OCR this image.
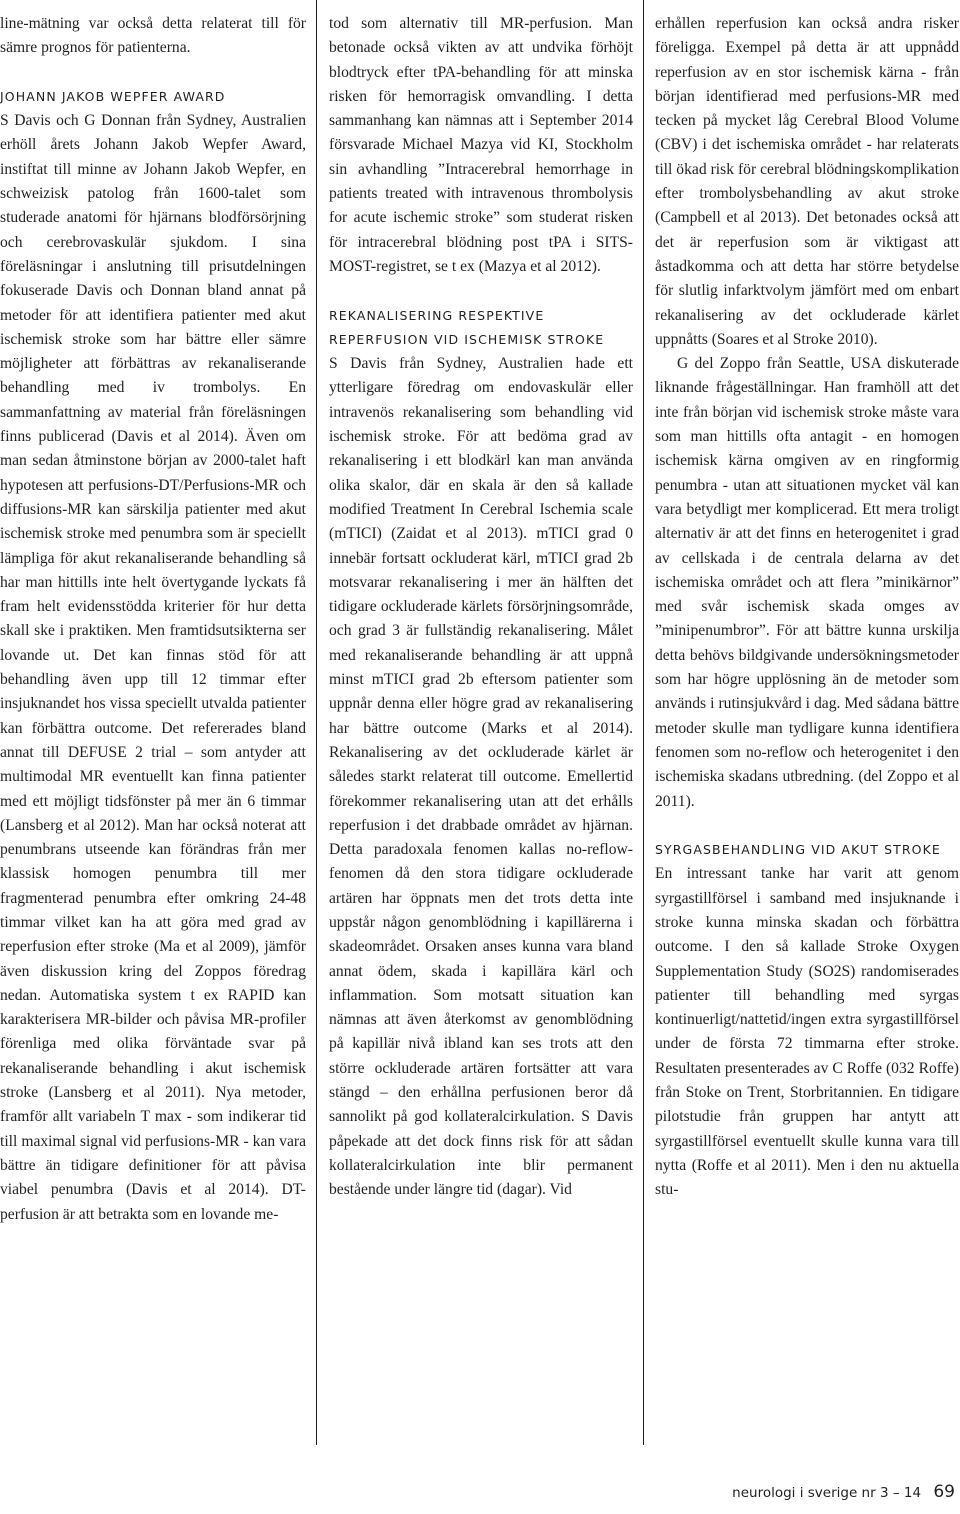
line-mätning var också detta relaterat till för sämre prognos för patienterna.

JOHANN JAKOB WEPFER AWARD

S Davis och G Donnan från Sydney, Australien erhöll årets Johann Jakob Wepfer Award, instiftat till minne av Johann Jakob Wepfer, en schweizisk patolog från 1600-talet som studerade anatomi för hjärnans blodförsörjning och cerebrovaskulär sjukdom. I sina föreläsningar i anslutning till prisutdelningen fokuserade Davis och Donnan bland annat på metoder för att identifiera patienter med akut ischemisk stroke som har bättre eller sämre möjligheter att förbättras av rekanaliserande behandling med iv trombolys. En sammanfattning av material från föreläsningen finns publicerad (Davis et al 2014). Även om man sedan åtminstone början av 2000-talet haft hypotesen att perfusions-DT/Perfusions-MR och diffusions-MR kan särskilja patienter med akut ischemisk stroke med penumbra som är speciellt lämpliga för akut rekanaliserande behandling så har man hittills inte helt övertygande lyckats få fram helt evidensstödda kriterier för hur detta skall ske i praktiken. Men framtidsutsikterna ser lovande ut. Det kan finnas stöd för att behandling även upp till 12 timmar efter insjuknandet hos vissa speciellt utvalda patienter kan förbättra outcome. Det refererades bland annat till DEFUSE 2 trial – som antyder att multimodal MR eventuellt kan finna patienter med ett möjligt tidsfönster på mer än 6 timmar (Lansberg et al 2012). Man har också noterat att penumbrans utseende kan förändras från mer klassisk homogen penumbra till mer fragmenterad penumbra efter omkring 24-48 timmar vilket kan ha att göra med grad av reperfusion efter stroke (Ma et al 2009), jämför även diskussion kring del Zoppos föredrag nedan. Automatiska system t ex RAPID kan karakterisera MR-bilder och påvisa MR-profiler förenliga med olika förväntade svar på rekanaliserande behandling i akut ischemisk stroke (Lansberg et al 2011). Nya metoder, framför allt variabeln T max - som indikerar tid till maximal signal vid perfusions-MR - kan vara bättre än tidigare definitioner för att påvisa viabel penumbra (Davis et al 2014). DT-perfusion är att betrakta som en lovande me-

tod som alternativ till MR-perfusion. Man betonade också vikten av att undvika förhöjt blodtryck efter tPA-behandling för att minska risken för hemorragisk omvandling. I detta sammanhang kan nämnas att i September 2014 försvarade Michael Mazya vid KI, Stockholm sin avhandling ”Intracerebral hemorrhage in patients treated with intravenous thrombolysis for acute ischemic stroke” som studerat risken för intracerebral blödning post tPA i SITS-MOST-registret, se t ex (Mazya et al 2012).

REKANALISERING RESPEKTIVE REPERFUSION VID ISCHEMISK STROKE

S Davis från Sydney, Australien hade ett ytterligare föredrag om endovaskulär eller intravenös rekanalisering som behandling vid ischemisk stroke. För att bedöma grad av rekanalisering i ett blodkärl kan man använda olika skalor, där en skala är den så kallade modified Treatment In Cerebral Ischemia scale (mTICI) (Zaidat et al 2013). mTICI grad 0 innebär fortsatt ockluderat kärl, mTICI grad 2b motsvarar rekanalisering i mer än hälften det tidigare ockluderade kärlets försörjningsområde, och grad 3 är fullständig rekanalisering. Målet med rekanaliserande behandling är att uppnå minst mTICI grad 2b eftersom patienter som uppnår denna eller högre grad av rekanalisering har bättre outcome (Marks et al 2014). Rekanalisering av det ockluderade kärlet är således starkt relaterat till outcome. Emellertid förekommer rekanalisering utan att det erhålls reperfusion i det drabbade området av hjärnan. Detta paradoxala fenomen kallas no-reflow-fenomen då den stora tidigare ockluderade artären har öppnats men det trots detta inte uppstår någon genomblödning i kapillärerna i skadeområdet. Orsaken anses kunna vara bland annat ödem, skada i kapillära kärl och inflammation. Som motsatt situation kan nämnas att även återkomst av genomblödning på kapillär nivå ibland kan ses trots att den större ockluderade artären fortsätter att vara stängd – den erhållna perfusionen beror då sannolikt på god kollateralcirkulation. S Davis påpekade att det dock finns risk för att sådan kollateralcirkulation inte blir permanent bestående under längre tid (dagar). Vid

erhållen reperfusion kan också andra risker föreligga. Exempel på detta är att uppnådd reperfusion av en stor ischemisk kärna - från början identifierad med perfusions-MR med tecken på mycket låg Cerebral Blood Volume (CBV) i det ischemiska området - har relaterats till ökad risk för cerebral blödningskomplikation efter trombolysbehandling av akut stroke (Campbell et al 2013). Det betonades också att det är reperfusion som är viktigast att åstadkomma och att detta har större betydelse för slutlig infarktvolym jämfört med om enbart rekanalisering av det ockluderade kärlet uppnåtts (Soares et al Stroke 2010).

G del Zoppo från Seattle, USA diskuterade liknande frågeställningar. Han framhöll att det inte från början vid ischemisk stroke måste vara som man hittills ofta antagit - en homogen ischemisk kärna omgiven av en ringformig penumbra - utan att situationen mycket väl kan vara betydligt mer komplicerad. Ett mera troligt alternativ är att det finns en heterogenitet i grad av cellskada i de centrala delarna av det ischemiska området och att flera ”minikärnor” med svår ischemisk skada omges av ”minipenumbror”. För att bättre kunna urskilja detta behövs bildgivande undersökningsmetoder som har högre upplösning än de metoder som används i rutinsjukvård i dag. Med sådana bättre metoder skulle man tydligare kunna identifiera fenomen som no-reflow och heterogenitet i den ischemiska skadans utbredning. (del Zoppo et al 2011).

SYRGASBEHANDLING VID AKUT STROKE

En intressant tanke har varit att genom syrgastillförsel i samband med insjuknande i stroke kunna minska skadan och förbättra outcome. I den så kallade Stroke Oxygen Supplementation Study (SO2S) randomiserades patienter till behandling med syrgas kontinuerligt/nattetid/ingen extra syrgastillförsel under de första 72 timmarna efter stroke. Resultaten presenterades av C Roffe (032 Roffe) från Stoke on Trent, Storbritannien. En tidigare pilotstudie från gruppen har antytt att syrgastillförsel eventuellt skulle kunna vara till nytta (Roffe et al 2011). Men i den nu aktuella stu-

neurologi i sverige nr 3 – 14 69
